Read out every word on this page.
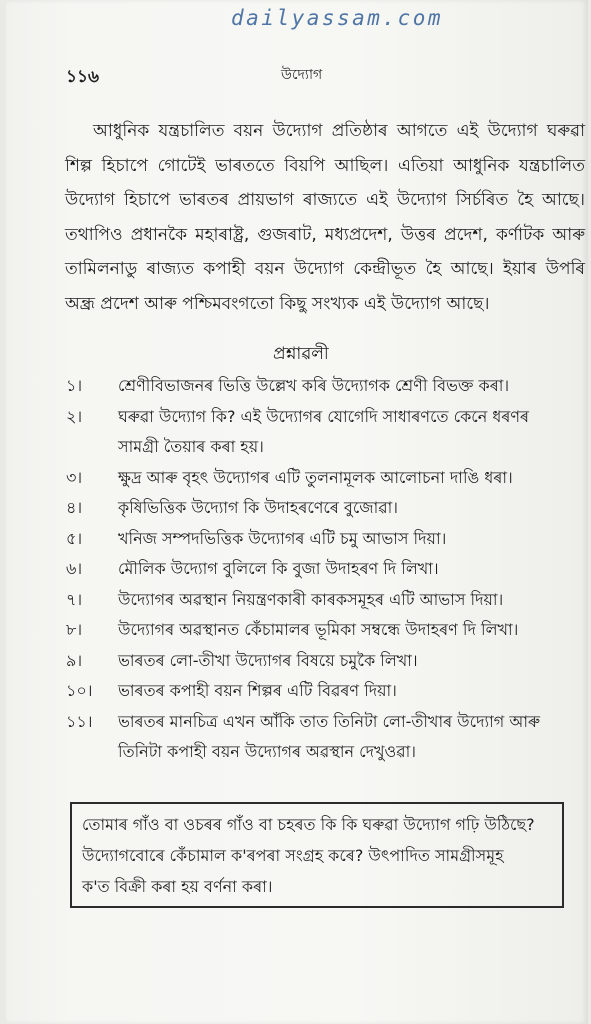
dailyassam.com
১১৬	উদ্যোগ
আধুনিক যন্ত্ৰচালিত বয়ন উদ্যোগ প্ৰতিষ্ঠাৰ আগতে এই উদ্যোগ ঘৰুৱা
শিল্প হিচাপে গোটেই ভাৰততে বিয়পি আছিল। এতিয়া আধুনিক যন্ত্ৰচালিত
উদ্যোগ হিচাপে ভাৰতৰ প্ৰায়ভাগ ৰাজ্যতে এই উদ্যোগ সিৰ্চৰিত হৈ আছে।
তথাপিও প্ৰধানকৈ মহাৰাষ্ট্ৰ, গুজৰাট, মধ্যপ্ৰদেশ, উত্তৰ প্ৰদেশ, কৰ্ণাটক আৰু
তামিলনাডু ৰাজ্যত কপাহী বয়ন উদ্যোগ কেন্দ্ৰীভূত হৈ আছে। ইয়াৰ উপৰি
অন্ধ্ৰ প্ৰদেশ আৰু পশ্চিমবংগতো কিছু সংখ্যক এই উদ্যোগ আছে।
প্ৰশ্নাৱলী
১।	শ্ৰেণীবিভাজনৰ ভিত্তি উল্লেখ কৰি উদ্যোগক শ্ৰেণী বিভক্ত কৰা।
২।	ঘৰুৱা উদ্যোগ কি? এই উদ্যোগৰ যোগেদি সাধাৰণতে কেনে ধৰণৰ
সামগ্ৰী তৈয়াৰ কৰা হয়।
৩।	ক্ষুদ্ৰ আৰু বৃহৎ উদ্যোগৰ এটি তুলনামূলক আলোচনা দাঙি ধৰা।
৪।	কৃষিভিত্তিক উদ্যোগ কি উদাহৰণেৰে বুজোৱা।
৫।	খনিজ সম্পদভিত্তিক উদ্যোগৰ এটি চমু আভাস দিয়া।
৬।	মৌলিক উদ্যোগ বুলিলে কি বুজা উদাহৰণ দি লিখা।
৭।	উদ্যোগৰ অৱস্থান নিয়ন্ত্ৰণকাৰী কাৰকসমূহৰ এটি আভাস দিয়া।
৮।	উদ্যোগৰ অৱস্থানত কেঁচামালৰ ভূমিকা সম্বন্ধে উদাহৰণ দি লিখা।
৯।	ভাৰতৰ লো-তীখা উদ্যোগৰ বিষয়ে চমুকৈ লিখা।
১০।	ভাৰতৰ কপাহী বয়ন শিল্পৰ এটি বিৱৰণ দিয়া।
১১।	ভাৰতৰ মানচিত্ৰ এখন আঁকি তাত তিনিটা লো-তীখাৰ উদ্যোগ আৰু
তিনিটা কপাহী বয়ন উদ্যোগৰ অৱস্থান দেখুওৱা।
তোমাৰ গাঁও বা ওচৰৰ গাঁও বা চহৰত কি কি ঘৰুৱা উদ্যোগ গঢ়ি উঠিছে?
উদ্যোগবোৰে কেঁচামাল ক'ৰপৰা সংগ্ৰহ কৰে? উৎপাদিত সামগ্ৰীসমূহ
ক'ত বিক্ৰী কৰা হয় বৰ্ণনা কৰা।
